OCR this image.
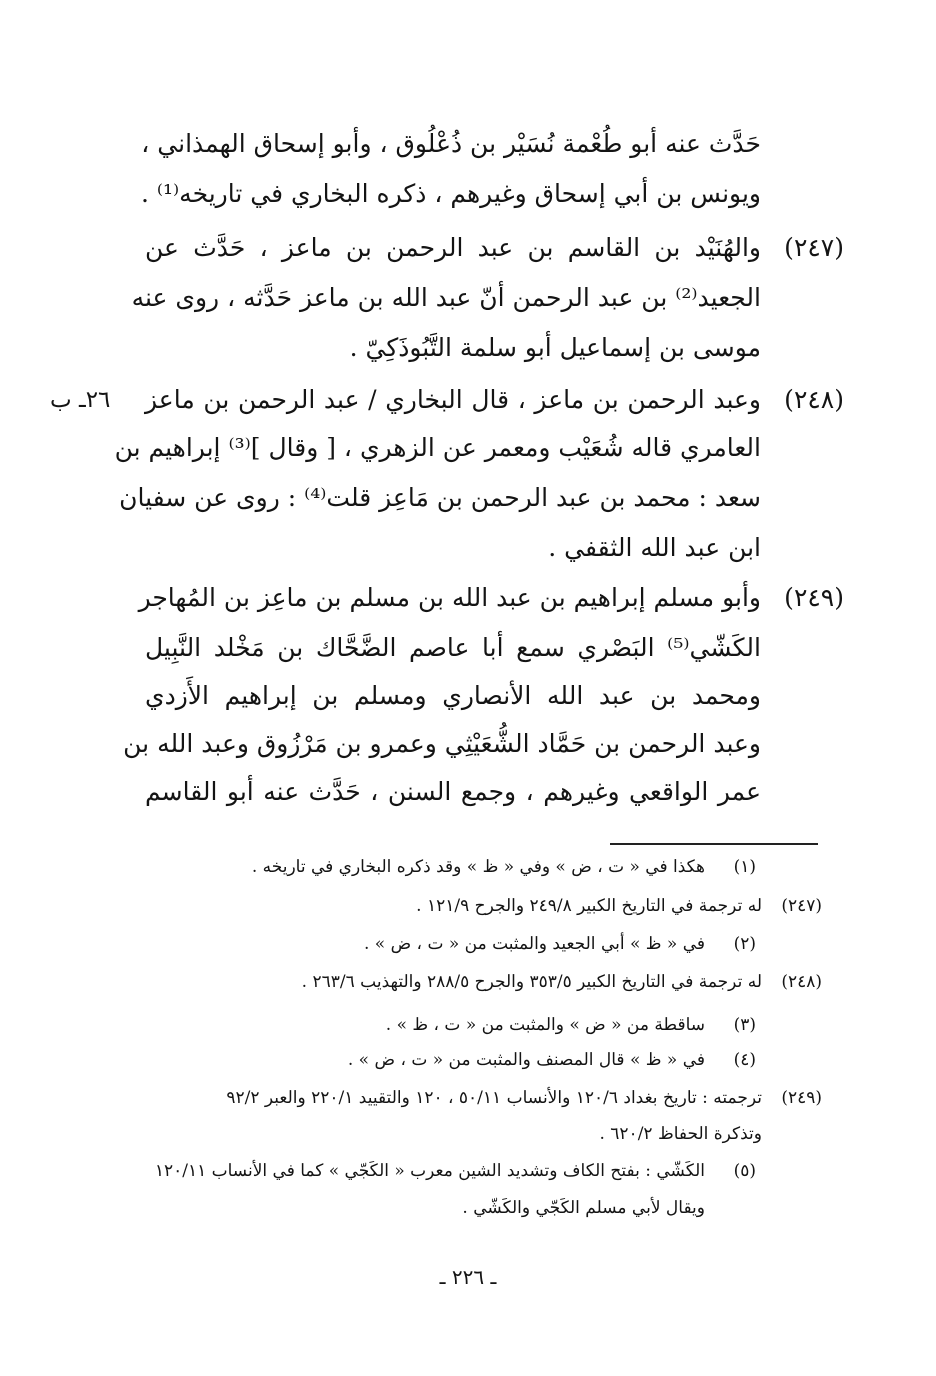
حَدَّث عنه أبو طُعْمة نُسَيْر بن ذُعْلُوق ، وأبو إسحاق الهمذاني ،
ويونس بن أبي إسحاق وغيرهم ، ذكره البخاري في تاريخه⁽¹⁾ .
(٢٤٧)
والهُنَيْد بن القاسم بن عبد الرحمن بن ماعز ، حَدَّث عن
الجعيد⁽²⁾ بن عبد الرحمن أنّ عبد الله بن ماعز حَدَّثه ، روى عنه
موسى بن إسماعيل أبو سلمة التَّبُوذَكِيّ .
(٢٤٨)
٢٦ـ ب وعبد الرحمن بن ماعز ، قال البخاري / عبد الرحمن بن ماعز
العامري قاله شُعَيْب ومعمر عن الزهري ، [ وقال ]⁽³⁾ إبراهيم بن
سعد : محمد بن عبد الرحمن بن مَاعِز قلت⁽⁴⁾ : روى عن سفيان
ابن عبد الله الثقفي .
(٢٤٩)
وأبو مسلم إبراهيم بن عبد الله بن مسلم بن ماعِز بن المُهاجر
الكَشّي⁽⁵⁾ البَصْري سمع أبا عاصم الضَّحَّاك بن مَخْلد النَّبِيل
ومحمد بن عبد الله الأنصاري ومسلم بن إبراهيم الأَزدي
وعبد الرحمن بن حَمَّاد الشُّعَيْثِي وعمرو بن مَرْزُوق وعبد الله بن
عمر الواقعي وغيرهم ، وجمع السنن ، حَدَّث عنه أبو القاسم
(١)
هكذا في « ت ، ض » وفي « ظ » وقد ذكره البخاري في تاريخه .
(٢٤٧)
له ترجمة في التاريخ الكبير ٢٤٩/٨ والجرح ١٢١/٩ .
(٢)
في « ظ » أبي الجعيد والمثبت من « ت ، ض » .
(٢٤٨)
له ترجمة في التاريخ الكبير ٣٥٣/٥ والجرح ٢٨٨/٥ والتهذيب ٢٦٣/٦ .
(٣)
ساقطة من « ض » والمثبت من « ت ، ظ » .
(٤)
في « ظ » قال المصنف والمثبت من « ت ، ض » .
(٢٤٩)
ترجمته : تاريخ بغداد ١٢٠/٦ والأنساب ٥٠/١١ ، ١٢٠ والتقييد ٢٢٠/١ والعبر ٩٢/٢
وتذكرة الحفاظ ٦٢٠/٢ .
(٥)
الكَشّي : بفتح الكاف وتشديد الشين معرب « الكَجّي » كما في الأنساب ١٢٠/١١
ويقال لأبي مسلم الكَجّي والكَشّي .
ـ ٢٢٦ ـ
